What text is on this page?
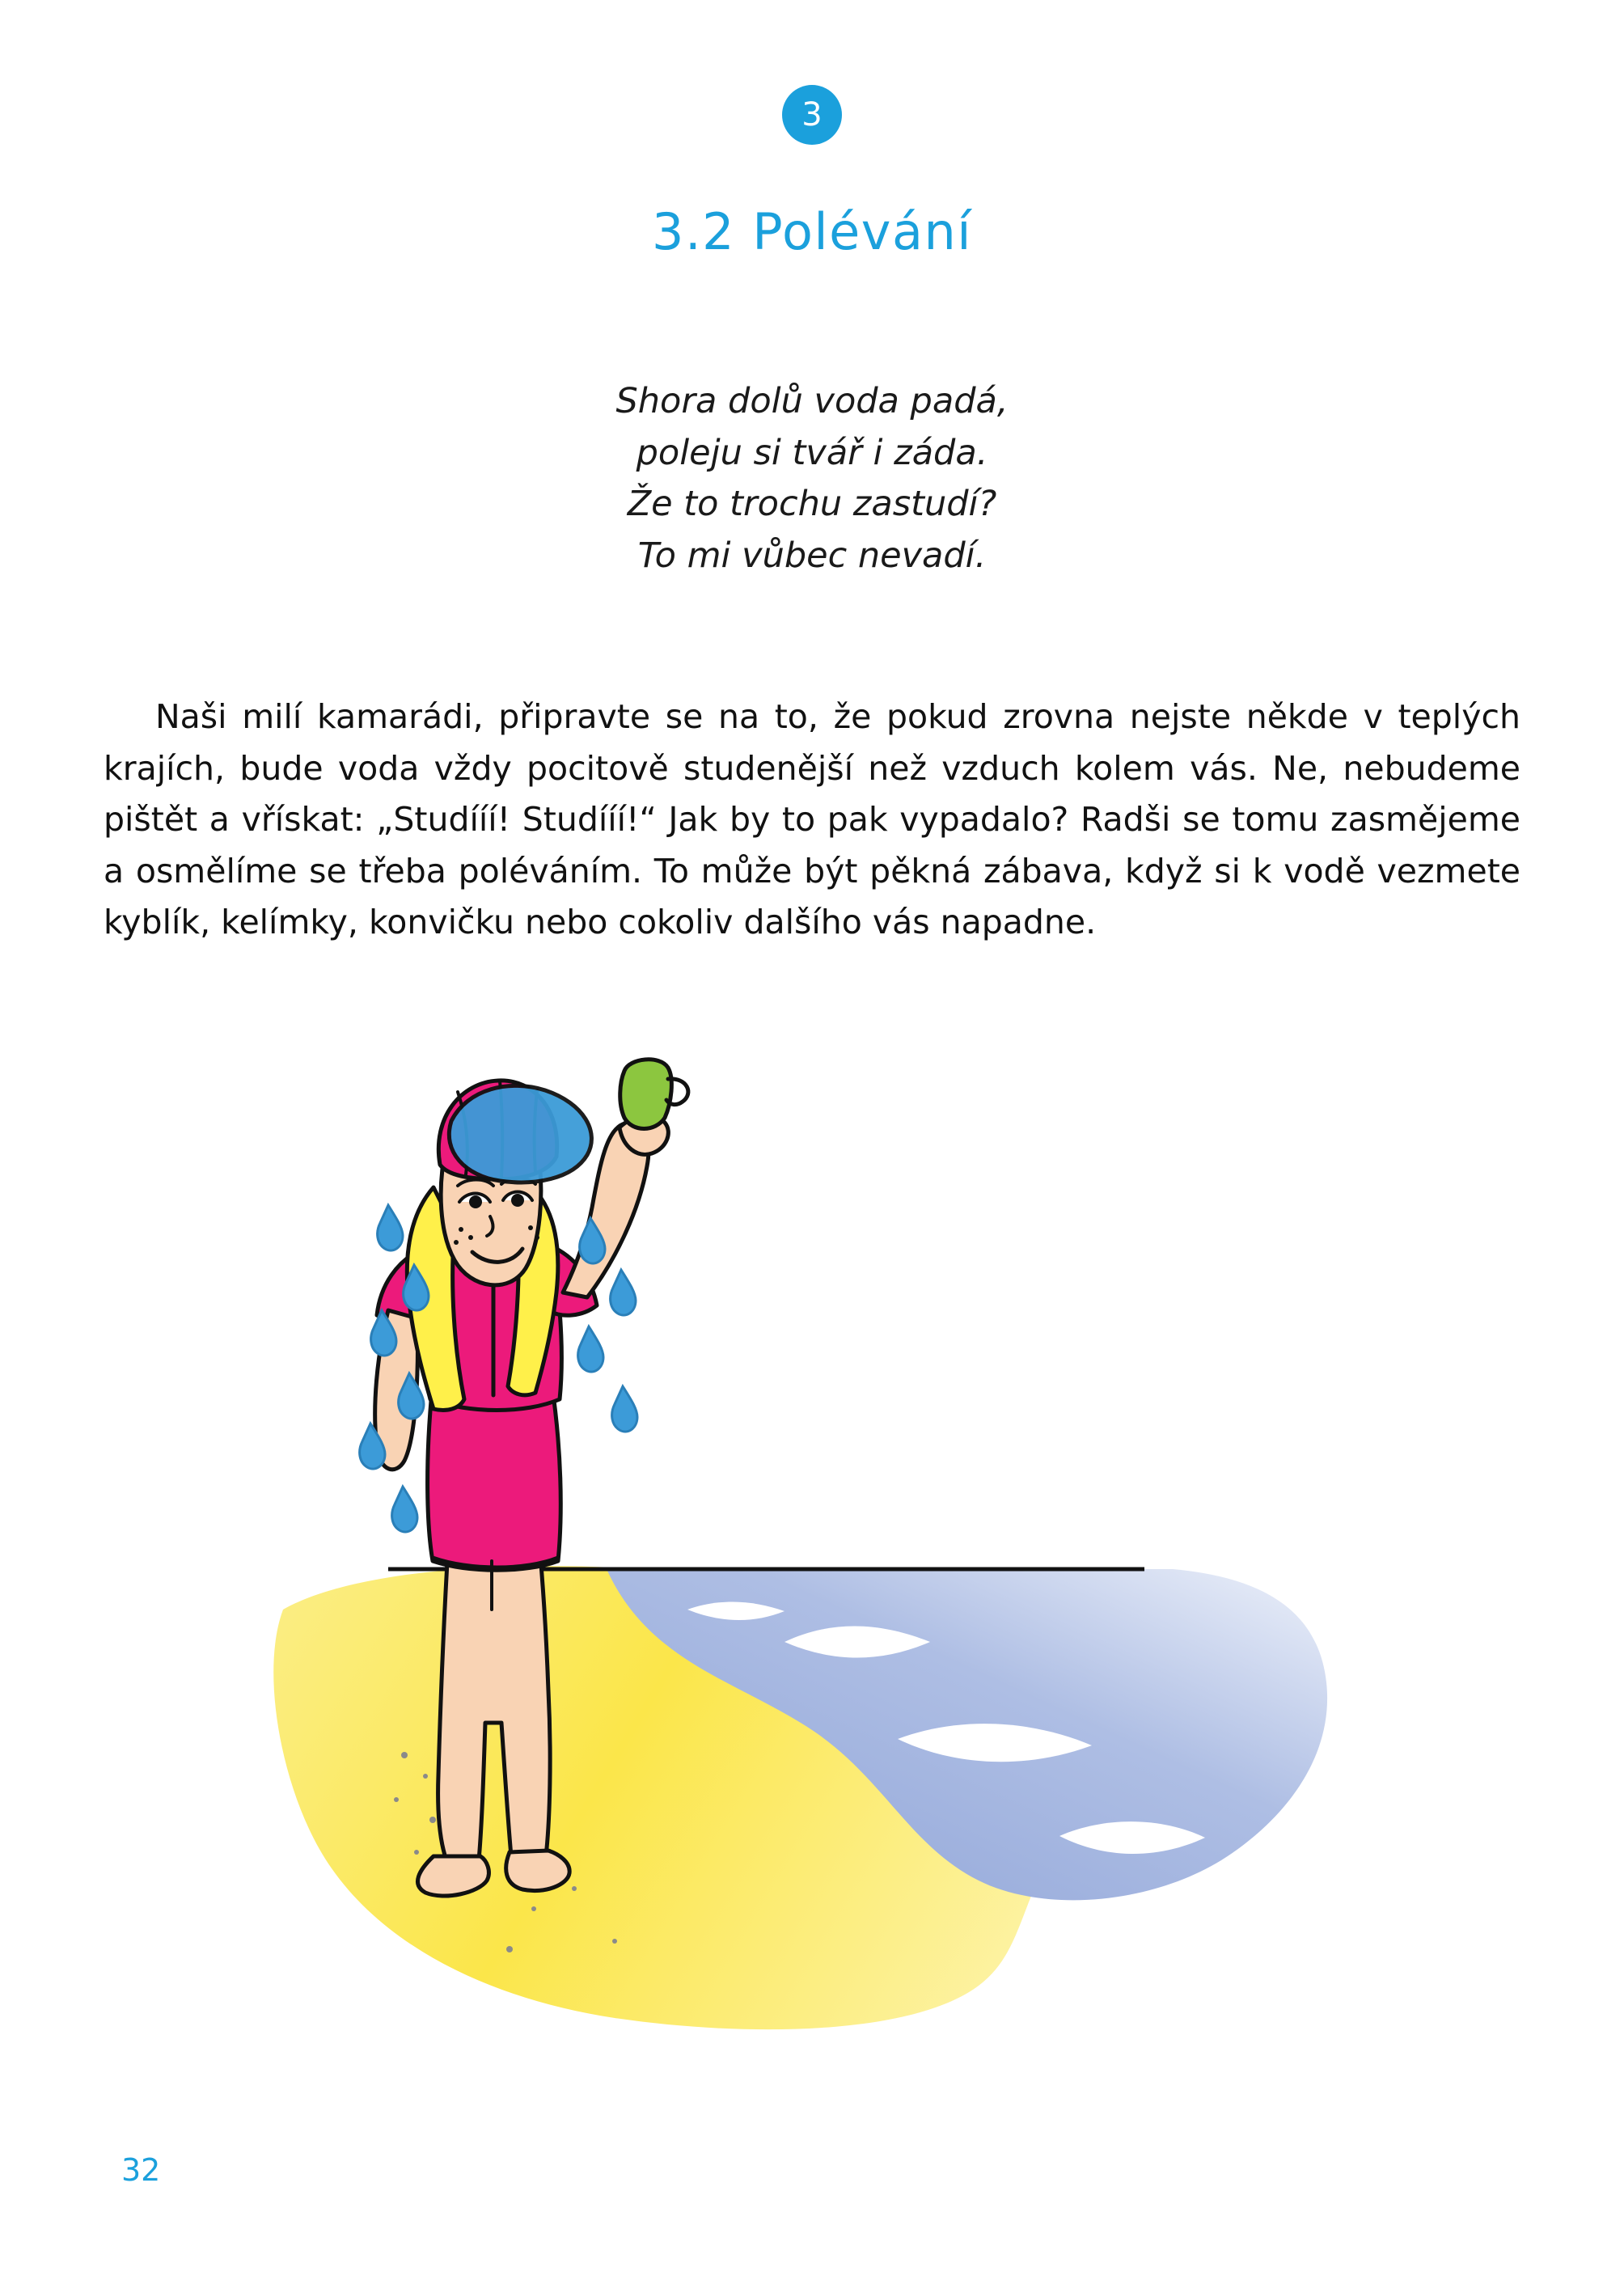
3
3.2 Polévání
Shora dolů voda padá,
poleju si tvář i záda.
Že to trochu zastudí?
To mi vůbec nevadí.

Naši milí kamarádi, připravte se na to, že pokud zrovna nejste někde v teplých krajích, bude voda vždy pocitově studenější než vzduch kolem vás. Ne, nebudeme pištět a vřískat: „Studííí! Studííí!“ Jak by to pak vypadalo? Radši se tomu zasmějeme a osmělíme se třeba poléváním. To může být pěkná zábava, když si k vodě vezmete kyblík, kelímky, konvičku nebo cokoliv dalšího vás napadne.

32
